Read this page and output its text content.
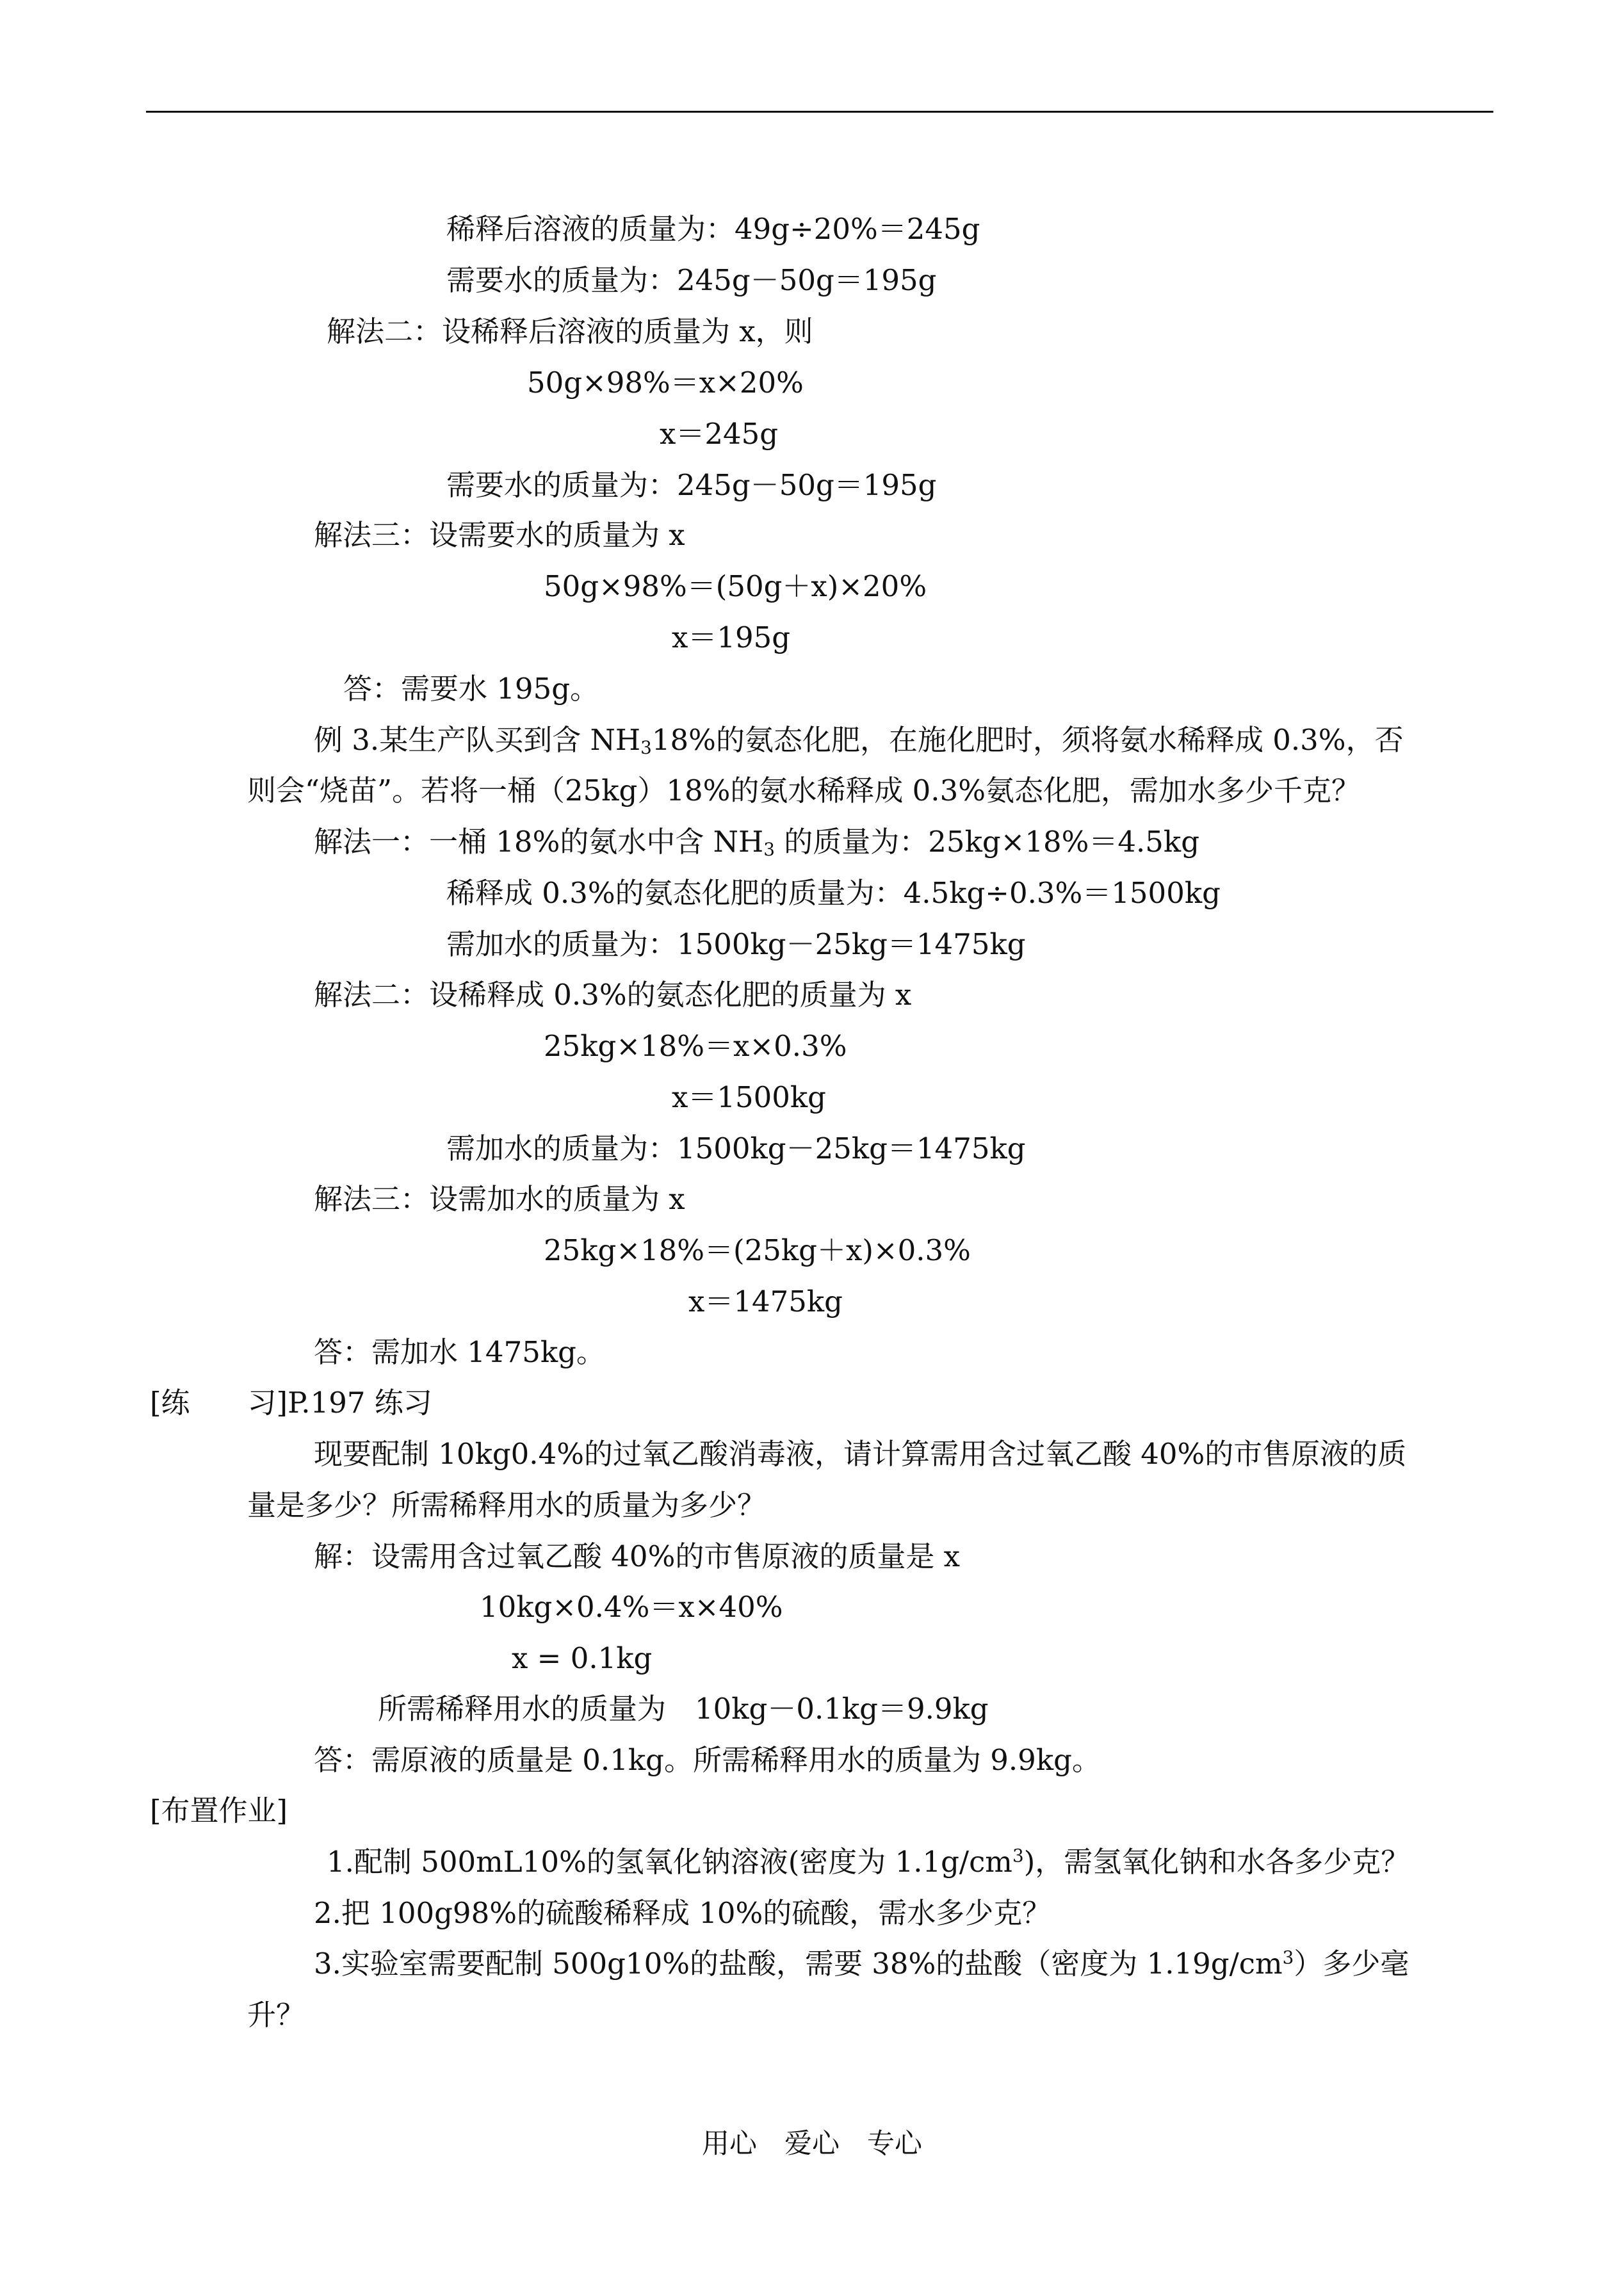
稀释后溶液的质量为：49g÷20%＝245g
需要水的质量为：245g－50g＝195g
解法二：设稀释后溶液的质量为 x，则
50g×98%＝x×20%
x＝245g
需要水的质量为：245g－50g＝195g
解法三：设需要水的质量为 x
50g×98%＝(50g＋x)×20%
x＝195g
答：需要水 195g。
例 3.某生产队买到含 $NH_318\%$的氨态化肥，在施化肥时，须将氨水稀释成 0.3%，否
则会“烧苗”。若将一桶（25kg）18%的氨水稀释成 0.3%氨态化肥，需加水多少千克？
解法一：一桶 18%的氨水中含 $NH_3$ 的质量为：25kg×18%＝4.5kg
稀释成 0.3%的氨态化肥的质量为：4.5kg÷0.3%＝1500kg
需加水的质量为：1500kg－25kg＝1475kg
解法二：设稀释成 0.3%的氨态化肥的质量为 x
25kg×18%＝x×0.3%
x＝1500kg
需加水的质量为：1500kg－25kg＝1475kg
解法三：设需加水的质量为 x
25kg×18%＝(25kg＋x)×0.3%
x＝1475kg
答：需加水 1475kg。
[练　　习]P.197 练习
现要配制 10kg0.4%的过氧乙酸消毒液，请计算需用含过氧乙酸 40%的市售原液的质
量是多少？所需稀释用水的质量为多少？
解：设需用含过氧乙酸 40%的市售原液的质量是 x
10kg×0.4%＝x×40%
x = 0.1kg
所需稀释用水的质量为　10kg－0.1kg＝9.9kg
答：需原液的质量是 0.1kg。所需稀释用水的质量为 9.9kg。
[布置作业]
1.配制 500mL10%的氢氧化钠溶液(密度为 $1.1g/cm^3$)，需氢氧化钠和水各多少克？
2.把 100g98%的硫酸稀释成 10%的硫酸，需水多少克？
3.实验室需要配制 500g10%的盐酸，需要 38%的盐酸（密度为 $1.19g/cm^3$）多少毫
升？
用心　爱心　专心
